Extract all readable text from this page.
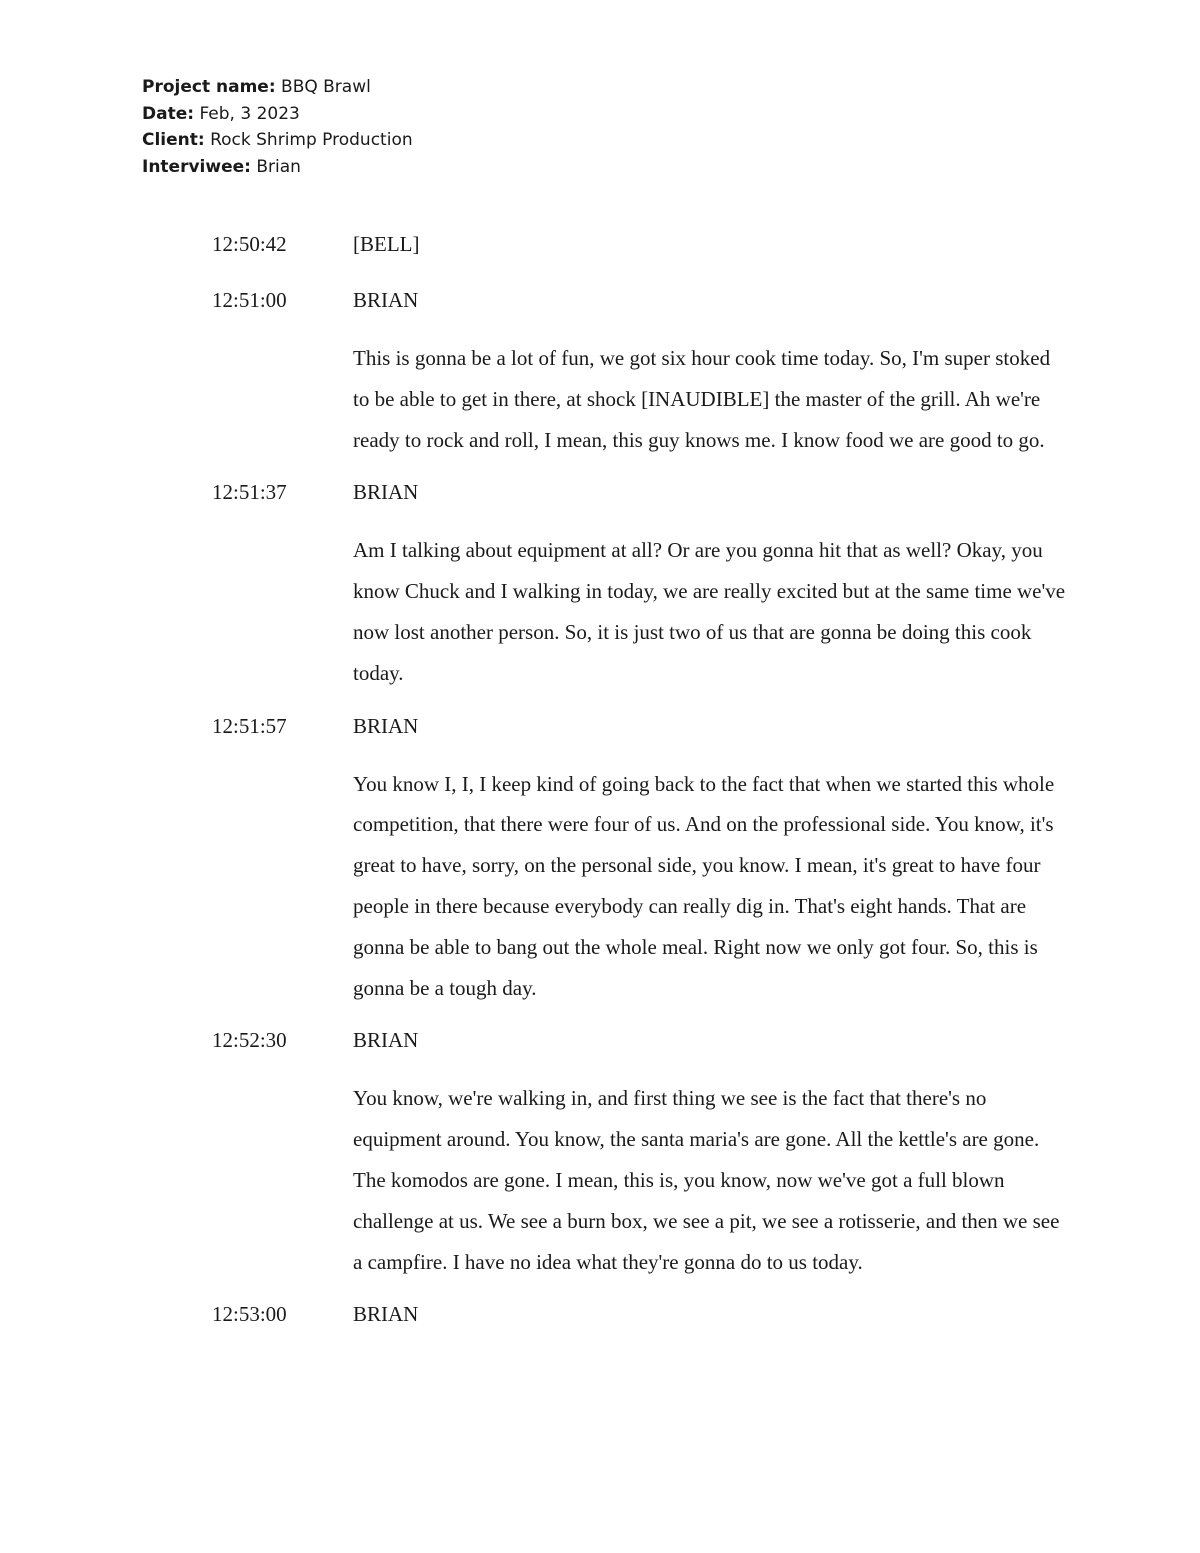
Project name: BBQ Brawl
Date: Feb, 3 2023
Client: Rock Shrimp Production
Interviwee: Brian
12:50:42	[BELL]
12:51:00	BRIAN

This is gonna be a lot of fun, we got six hour cook time today. So, I'm super stoked to be able to get in there, at shock [INAUDIBLE] the master of the grill. Ah we're ready to rock and roll, I mean, this guy knows me. I know food we are good to go.

12:51:37	BRIAN

Am I talking about equipment at all? Or are you gonna hit that as well? Okay, you know Chuck and I walking in today, we are really excited but at the same time we've now lost another person. So, it is just two of us that are gonna be doing this cook today.

12:51:57	BRIAN

You know I, I, I keep kind of going back to the fact that when we started this whole competition, that there were four of us. And on the professional side. You know, it's great to have, sorry, on the personal side, you know. I mean, it's great to have four people in there because everybody can really dig in. That's eight hands. That are gonna be able to bang out the whole meal. Right now we only got four. So, this is gonna be a tough day.

12:52:30	BRIAN

You know, we're walking in, and first thing we see is the fact that there's no equipment around. You know, the santa maria's are gone. All the kettle's are gone. The komodos are gone. I mean, this is, you know, now we've got a full blown challenge at us. We see a burn box, we see a pit, we see a rotisserie, and then we see a campfire. I have no idea what they're gonna do to us today.

12:53:00	BRIAN
